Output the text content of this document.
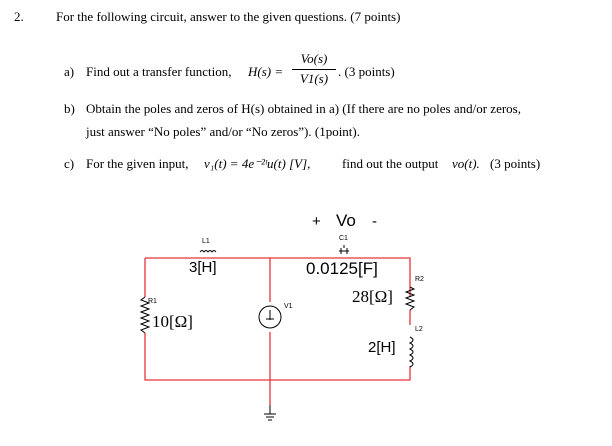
2. For the following circuit, answer to the given questions. (7 points)
a) Find out a transfer function, H(s) =
Vo(s)
V1(s) . (3 points)
b) Obtain the poles and zeros of H(s) obtained in a) (If there are no poles and/or zeros,
just answer “No poles” and/or “No zeros”). (1point).
c) For the given input, v₁(t) = 4e⁻²ᵗu(t) [V], find out the output vo(t). (3 points)
+ Vo -
C1
0.0125[F]
L1
3[H]
R1
10[Ω]
V1
R2
28[Ω]
L2
2[H]
